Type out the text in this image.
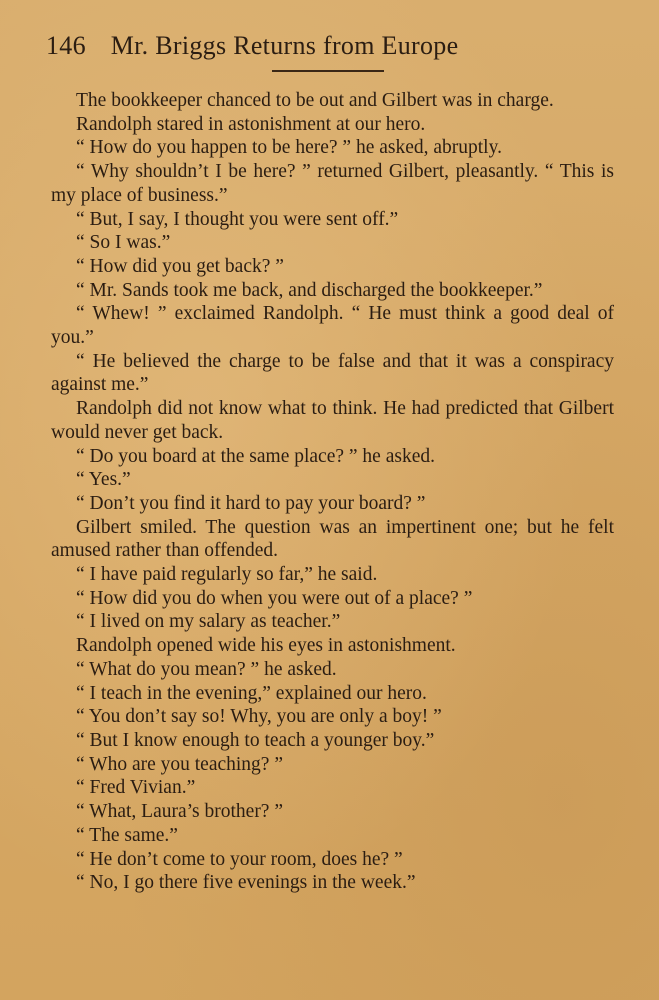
146 Mr. Briggs Returns from Europe

The bookkeeper chanced to be out and Gilbert was in charge.

Randolph stared in astonishment at our hero.

“ How do you happen to be here? ” he asked, abruptly.

“ Why shouldn’t I be here? ” returned Gilbert, pleasantly. “ This is my place of business.”

“ But, I say, I thought you were sent off.”

“ So I was.”

“ How did you get back? ”

“ Mr. Sands took me back, and discharged the bookkeeper.”

“ Whew! ” exclaimed Randolph. “ He must think a good deal of you.”

“ He believed the charge to be false and that it was a conspiracy against me.”

Randolph did not know what to think. He had predicted that Gilbert would never get back.

“ Do you board at the same place? ” he asked.

“ Yes.”

“ Don’t you find it hard to pay your board? ”

Gilbert smiled. The question was an impertinent one; but he felt amused rather than offended.

“ I have paid regularly so far,” he said.

“ How did you do when you were out of a place? ”

“ I lived on my salary as teacher.”

Randolph opened wide his eyes in astonishment.

“ What do you mean? ” he asked.

“ I teach in the evening,” explained our hero.

“ You don’t say so! Why, you are only a boy! ”

“ But I know enough to teach a younger boy.”

“ Who are you teaching? ”

“ Fred Vivian.”

“ What, Laura’s brother? ”

“ The same.”

“ He don’t come to your room, does he? ”

“ No, I go there five evenings in the week.”
